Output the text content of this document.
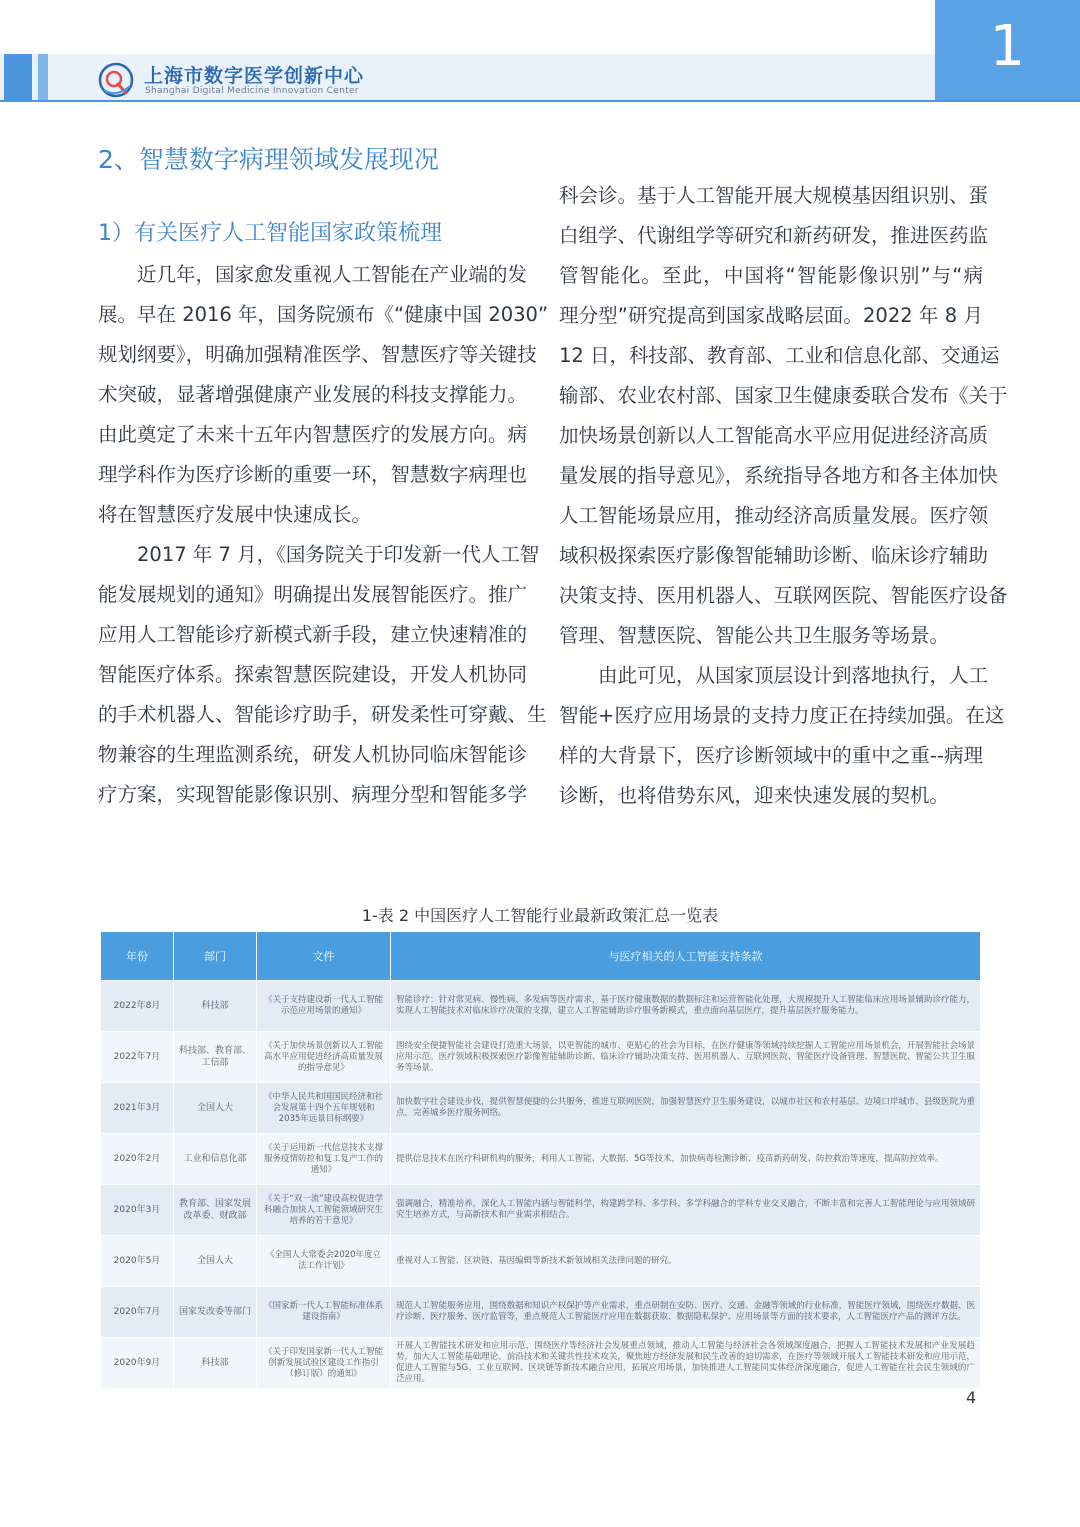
上海市数字医学创新中心
Shanghai Digital Medicine Innovation Center
1
2、智慧数字病理领域发展现况
1）有关医疗人工智能国家政策梳理
近几年，国家愈发重视人工智能在产业端的发
展。早在 2016 年，国务院颁布《“健康中国 2030”
规划纲要》，明确加强精准医学、智慧医疗等关键技
术突破，显著增强健康产业发展的科技支撑能力。
由此奠定了未来十五年内智慧医疗的发展方向。病
理学科作为医疗诊断的重要一环，智慧数字病理也
将在智慧医疗发展中快速成长。
2017 年 7 月，《国务院关于印发新一代人工智
能发展规划的通知》明确提出发展智能医疗。推广
应用人工智能诊疗新模式新手段，建立快速精准的
智能医疗体系。探索智慧医院建设，开发人机协同
的手术机器人、智能诊疗助手，研发柔性可穿戴、生
物兼容的生理监测系统，研发人机协同临床智能诊
疗方案，实现智能影像识别、病理分型和智能多学
科会诊。基于人工智能开展大规模基因组识别、蛋
白组学、代谢组学等研究和新药研发，推进医药监
管智能化。至此，中国将“智能影像识别”与“病
理分型”研究提高到国家战略层面。2022 年 8 月
12 日，科技部、教育部、工业和信息化部、交通运
输部、农业农村部、国家卫生健康委联合发布《关于
加快场景创新以人工智能高水平应用促进经济高质
量发展的指导意见》，系统指导各地方和各主体加快
人工智能场景应用，推动经济高质量发展。医疗领
域积极探索医疗影像智能辅助诊断、临床诊疗辅助
决策支持、医用机器人、互联网医院、智能医疗设备
管理、智慧医院、智能公共卫生服务等场景。
由此可见，从国家顶层设计到落地执行，人工
智能+医疗应用场景的支持力度正在持续加强。在这
样的大背景下，医疗诊断领域中的重中之重--病理
诊断，也将借势东风，迎来快速发展的契机。
1-表 2 中国医疗人工智能行业最新政策汇总一览表
年份	部门	文件	与医疗相关的人工智能支持条款
2022年8月	科技部	《关于支持建设新一代人工智能示范应用场景的通知》	智能诊疗：针对常见病、慢性病、多发病等医疗需求，基于医疗健康数据的数据标注和运营智能化处理，大规模提升人工智能临床应用场景辅助诊疗能力，实现人工智能技术对临床诊疗决策的支撑，建立人工智能辅助诊疗服务新模式，重点面向基层医疗，提升基层医疗服务能力。
2022年7月	科技部、教育部、工信部	《关于加快场景创新以人工智能高水平应用促进经济高质量发展的指导意见》	围绕安全便捷智能社会建设打造重大场景，以更智能的城市、更贴心的社会为目标，在医疗健康等领域持续挖掘人工智能应用场景机会，开展智能社会场景应用示范。医疗领域积极探索医疗影像智能辅助诊断、临床诊疗辅助决策支持、医用机器人、互联网医院、智能医疗设备管理、智慧医院、智能公共卫生服务等场景。
2021年3月	全国人大	《中华人民共和国国民经济和社会发展第十四个五年规划和2035年远景目标纲要》	加快数字社会建设步伐，提供智慧便捷的公共服务，推进互联网医院，加强智慧医疗卫生服务建设，以城市社区和农村基层、边境口岸城市、县级医院为重点，完善城乡医疗服务网络。
2020年2月	工业和信息化部	《关于运用新一代信息技术支撑服务疫情防控和复工复产工作的通知》	提供信息技术在医疗科研机构的服务，利用人工智能、大数据、5G等技术，加快病毒检测诊断、疫苗新药研发、防控救治等速度，提高防控效率。
2020年3月	教育部、国家发展改革委、财政部	《关于“双一流”建设高校促进学科融合加快人工智能领域研究生培养的若干意见》	强调融合，精准培养，深化人工智能内涵与智能科学，构建跨学科、多学科、多学科融合的学科专业交叉融合，不断丰富和完善人工智能理论与应用领域研究生培养方式，与高新技术和产业需求相结合。
2020年5月	全国人大	《全国人大常委会2020年度立法工作计划》	重视对人工智能、区块链、基因编辑等新技术新领域相关法律问题的研究。
2020年7月	国家发改委等部门	《国家新一代人工智能标准体系建设指南》	规范人工智能服务应用，围绕数据和知识产权保护等产业需求，重点研制在安防、医疗、交通、金融等领域的行业标准，智能医疗领域，围绕医疗数据、医疗诊断、医疗服务、医疗监管等，重点规范人工智能医疗应用在数据获取、数据隐私保护、应用场景等方面的技术要求，人工智能医疗产品的测评方法。
2020年9月	科技部	《关于印发国家新一代人工智能创新发展试验区建设工作指引（修订版）的通知》	开展人工智能技术研发和应用示范，围绕医疗等经济社会发展重点领域，推动人工智能与经济社会各领域深度融合，把握人工智能技术发展和产业发展趋势，加大人工智能基础理论、前沿技术和关键共性技术攻关，聚焦地方经济发展和民生改善的迫切需求，在医疗等领域开展人工智能技术研发和应用示范，促进人工智能与5G、工业互联网、区块链等新技术融合应用，拓展应用场景，加快推进人工智能同实体经济深度融合，促进人工智能在社会民生领域的广泛应用。
4
